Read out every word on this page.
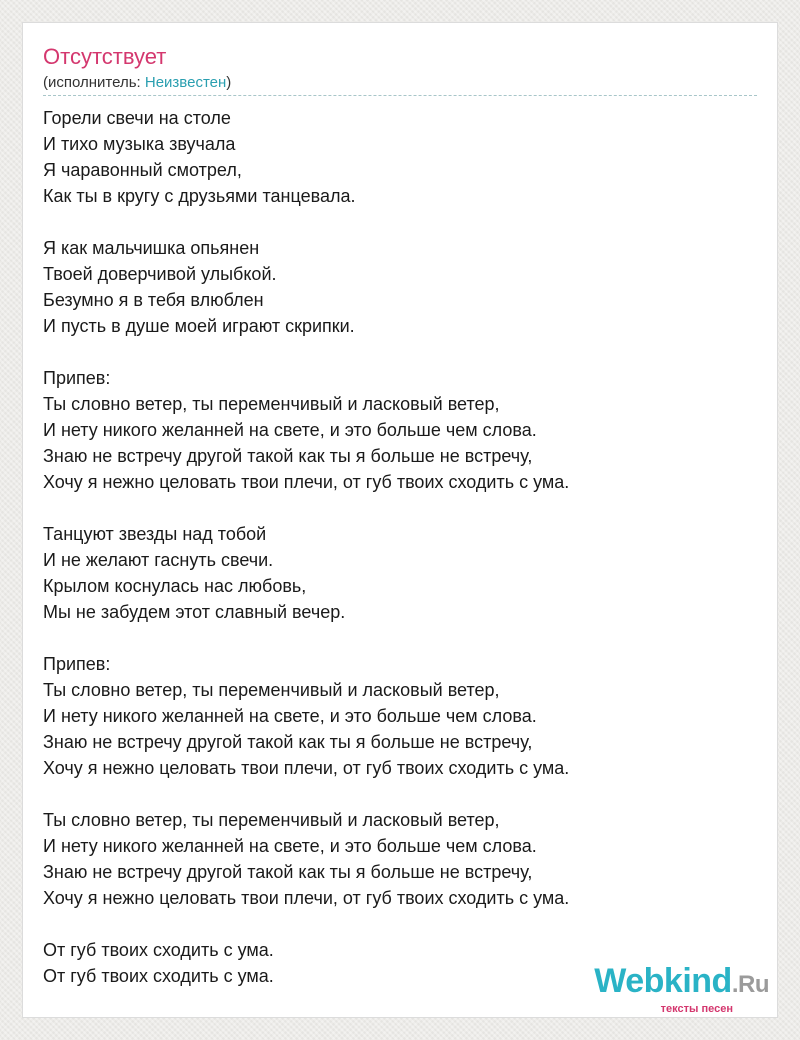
Отсутствует
(исполнитель: Неизвестен)
Горели свечи на столе
И тихо музыка звучала
Я чаравонный смотрел,
Как ты в кругу с друзьями танцевала.
Я как мальчишка опьянен
Твоей доверчивой улыбкой.
Безумно я в тебя влюблен
И пусть в душе моей играют скрипки.
Припев:
Ты словно ветер, ты переменчивый и ласковый ветер,
И нету никого желанней на свете, и это больше чем слова.
Знаю не встречу другой такой как ты я больше не встречу,
Хочу я нежно целовать твои плечи, от губ твоих сходить с ума.
Танцуют звезды над тобой
И не желают гаснуть свечи.
Крылом коснулась нас любовь,
Мы не забудем этот славный вечер.
Припев:
Ты словно ветер, ты переменчивый и ласковый ветер,
И нету никого желанней на свете, и это больше чем слова.
Знаю не встречу другой такой как ты я больше не встречу,
Хочу я нежно целовать твои плечи, от губ твоих сходить с ума.
Ты словно ветер, ты переменчивый и ласковый ветер,
И нету никого желанней на свете, и это больше чем слова.
Знаю не встречу другой такой как ты я больше не встречу,
Хочу я нежно целовать твои плечи, от губ твоих сходить с ума.
От губ твоих сходить с ума.
От губ твоих сходить с ума.	Webkind.Ru
тексты песен
